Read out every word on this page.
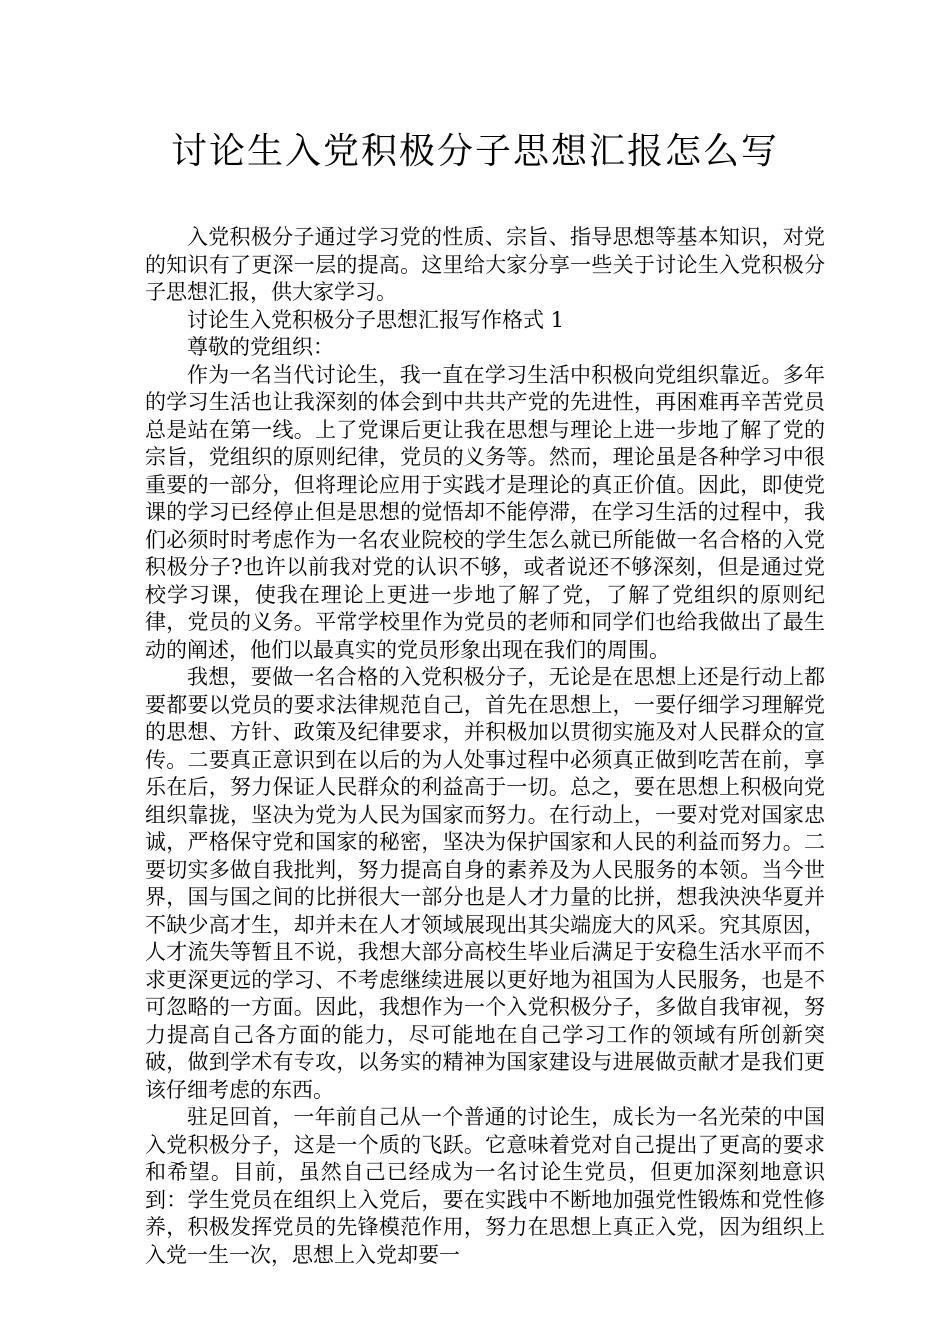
讨论生入党积极分子思想汇报怎么写

入党积极分子通过学习党的性质、宗旨、指导思想等基本知识，对党的知识有了更深一层的提高。这里给大家分享一些关于讨论生入党积极分子思想汇报，供大家学习。

讨论生入党积极分子思想汇报写作格式 1

尊敬的党组织：

作为一名当代讨论生，我一直在学习生活中积极向党组织靠近。多年的学习生活也让我深刻的体会到中共共产党的先进性，再困难再辛苦党员总是站在第一线。上了党课后更让我在思想与理论上进一步地了解了党的宗旨，党组织的原则纪律，党员的义务等。然而，理论虽是各种学习中很重要的一部分，但将理论应用于实践才是理论的真正价值。因此，即使党课的学习已经停止但是思想的觉悟却不能停滞，在学习生活的过程中，我们必须时时考虑作为一名农业院校的学生怎么就已所能做一名合格的入党积极分子?也许以前我对党的认识不够，或者说还不够深刻，但是通过党校学习课，使我在理论上更进一步地了解了党，了解了党组织的原则纪律，党员的义务。平常学校里作为党员的老师和同学们也给我做出了最生动的阐述，他们以最真实的党员形象出现在我们的周围。

我想，要做一名合格的入党积极分子，无论是在思想上还是行动上都要都要以党员的要求法律规范自己，首先在思想上，一要仔细学习理解党的思想、方针、政策及纪律要求，并积极加以贯彻实施及对人民群众的宣传。二要真正意识到在以后的为人处事过程中必须真正做到吃苦在前，享乐在后，努力保证人民群众的利益高于一切。总之，要在思想上积极向党组织靠拢，坚决为党为人民为国家而努力。在行动上，一要对党对国家忠诚，严格保守党和国家的秘密，坚决为保护国家和人民的利益而努力。二要切实多做自我批判，努力提高自身的素养及为人民服务的本领。当今世界，国与国之间的比拼很大一部分也是人才力量的比拼，想我泱泱华夏并不缺少高才生，却并未在人才领域展现出其尖端庞大的风采。究其原因，人才流失等暂且不说，我想大部分高校生毕业后满足于安稳生活水平而不求更深更远的学习、不考虑继续进展以更好地为祖国为人民服务，也是不可忽略的一方面。因此，我想作为一个入党积极分子，多做自我审视，努力提高自己各方面的能力，尽可能地在自己学习工作的领域有所创新突破，做到学术有专攻，以务实的精神为国家建设与进展做贡献才是我们更该仔细考虑的东西。

驻足回首，一年前自己从一个普通的讨论生，成长为一名光荣的中国入党积极分子，这是一个质的飞跃。它意味着党对自己提出了更高的要求和希望。目前，虽然自己已经成为一名讨论生党员，但更加深刻地意识到：学生党员在组织上入党后，要在实践中不断地加强党性锻炼和党性修养，积极发挥党员的先锋模范作用，努力在思想上真正入党，因为组织上入党一生一次，思想上入党却要一
